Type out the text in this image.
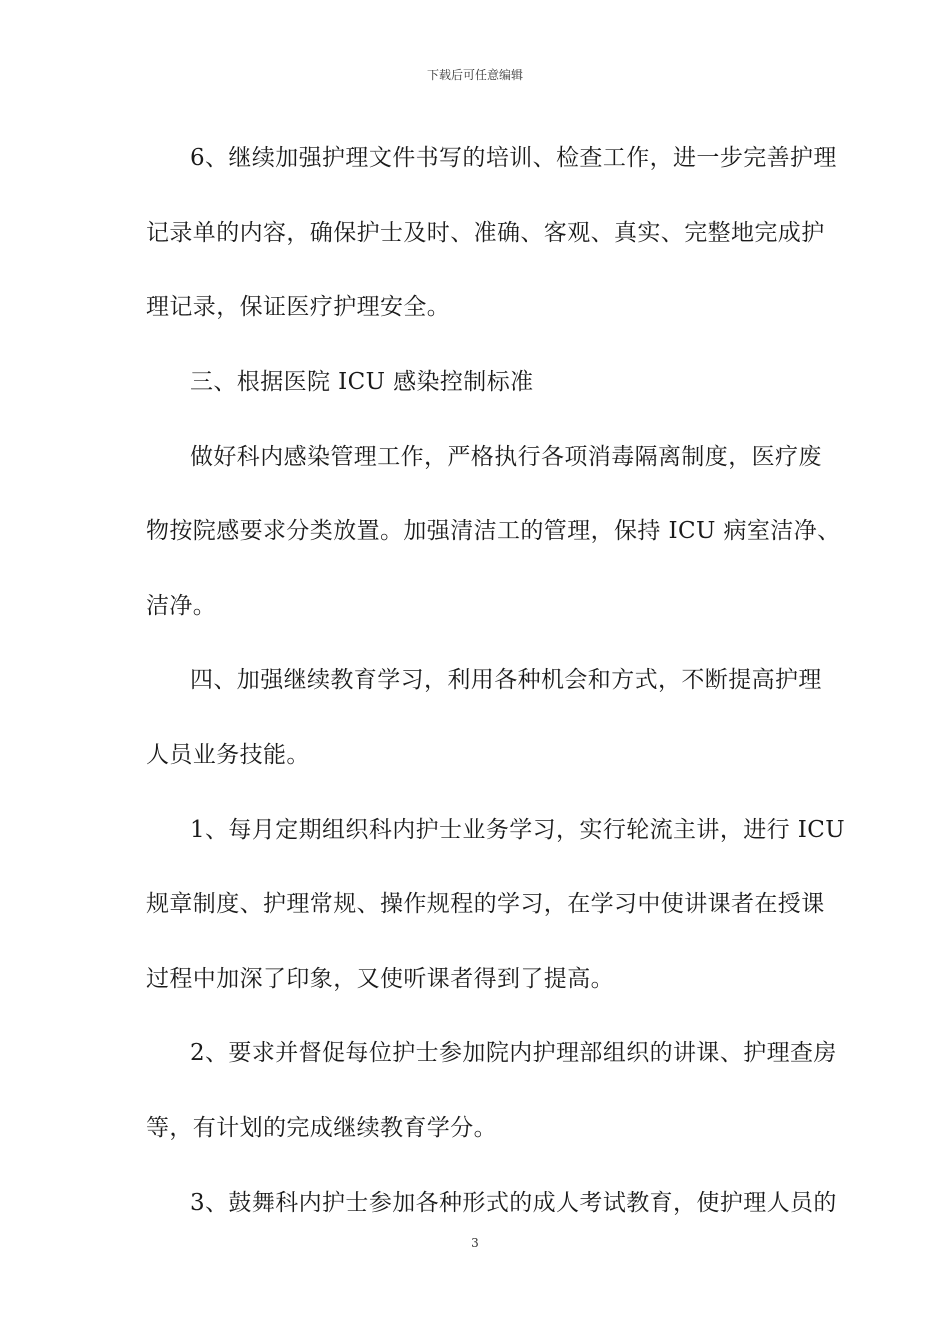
下载后可任意编辑
6、继续加强护理文件书写的培训、检查工作，进一步完善护理
记录单的内容，确保护士及时、准确、客观、真实、完整地完成护
理记录，保证医疗护理安全。
三、根据医院 ICU 感染控制标准
做好科内感染管理工作，严格执行各项消毒隔离制度，医疗废
物按院感要求分类放置。加强清洁工的管理，保持 ICU 病室洁净、
洁净。
四、加强继续教育学习，利用各种机会和方式，不断提高护理
人员业务技能。
1、每月定期组织科内护士业务学习，实行轮流主讲，进行 ICU
规章制度、护理常规、操作规程的学习，在学习中使讲课者在授课
过程中加深了印象，又使听课者得到了提高。
2、要求并督促每位护士参加院内护理部组织的讲课、护理查房
等，有计划的完成继续教育学分。
3、鼓舞科内护士参加各种形式的成人考试教育，使护理人员的
3
